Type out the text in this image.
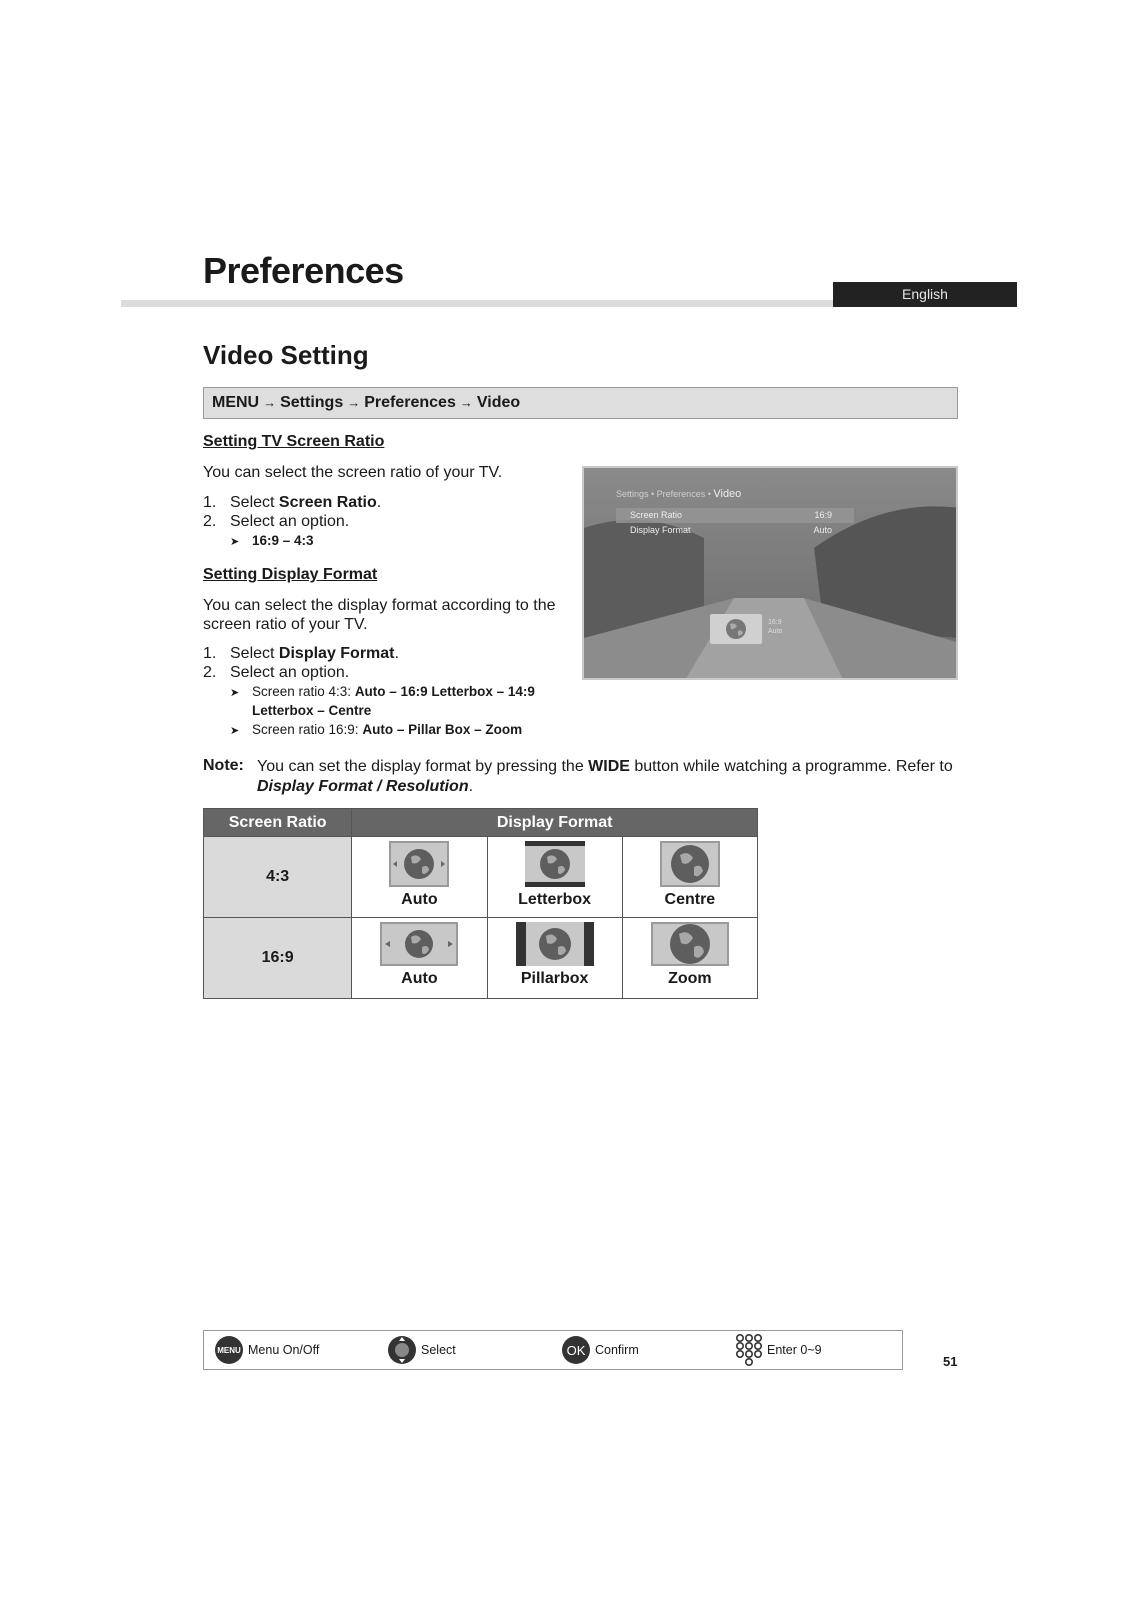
Preferences
English
Video Setting
MENU → Settings → Preferences → Video
Setting TV Screen Ratio
You can select the screen ratio of your TV.
1. Select Screen Ratio.
2. Select an option.
➤ 16:9 – 4:3
Setting Display Format
You can select the display format according to the
screen ratio of your TV.
1. Select Display Format.
2. Select an option.
➤ Screen ratio 4:3: Auto – 16:9 Letterbox – 14:9
Letterbox – Centre
➤ Screen ratio 16:9: Auto – Pillar Box – Zoom
Settings • Preferences • Video
Screen Ratio	16:9
Display Format	Auto
16:9
Auto
Note: You can set the display format by pressing the WIDE button while watching a programme. Refer to
Display Format / Resolution.
Screen Ratio	Display Format		
4:3	Auto	Letterbox	Centre

16:9	Auto	Pillarbox	Zoom
MENU Menu On/Off	Select	OK Confirm	Enter 0~9
51
